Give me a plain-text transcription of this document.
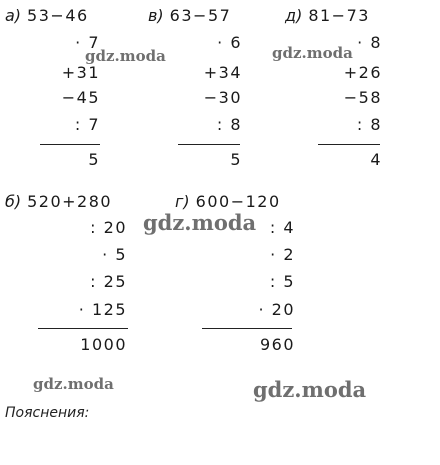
а) 53−46
· 7
+31
−45
: 7
5
в) 63−57
· 6
+34
−30
: 8
5
д) 81−73
· 8
+26
−58
: 8
4
б) 520+280
: 20
· 5
: 25
· 125
1000
г) 600−120
: 4
· 2
: 5
· 20
960
gdz.moda	gdz.moda
gdz.moda
gdz.moda	gdz.moda
Пояснения:
